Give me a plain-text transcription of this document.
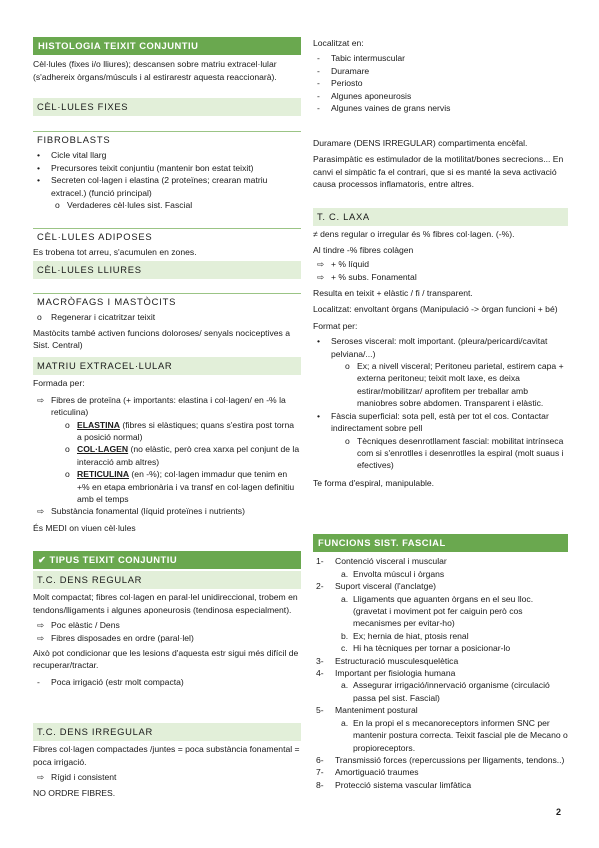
HISTOLOGIA TEIXIT CONJUNTIU

Cèl·lules (fixes i/o lliures); descansen sobre matriu extracel·lular (s'adhereix òrgans/músculs i al estirarestr aquesta reaccionarà).

CÈL·LULES FIXES
FIBROBLASTS
• Cicle vital llarg
• Precursores teixit conjuntiu (mantenir bon estat teixit)
• Secreten col·lagen i elastina (2 proteïnes; crearan matriu extracel.) (funció principal)
o Verdaderes cèl·lules sist. Fascial
CÈL·LULES ADIPOSES

Es trobena tot arreu, s'acumulen en zones.

CÈL·LULES LLIURES
MACRÒFAGS I MASTÒCITS
o Regenerar i cicatritzar teixit

Mastòcits també activen funcions doloroses/ senyals nociceptives a Sist. Central)

MATRIU EXTRACEL·LULAR

Formada per:

⇨ Fibres de proteïna (+ importants: elastina i col·lagen/ en -% la reticulina)
o ELASTINA (fibres si elàstiques; quans s'estira post torna a posició normal)
o COL·LAGEN (no elàstic, però crea xarxa pel conjunt de la interacció amb altres)
o RETICULINA (en -%); col·lagen immadur que tenim en +% en etapa embrionària i va transf en col·lagen definitiu amb el temps
⇨ Substància fonamental (líquid proteïnes i nutrients)

És MEDI on viuen cèl·lules

✔ TIPUS TEIXIT CONJUNTIU
T.C. DENS REGULAR

Molt compactat; fibres col·lagen en paral·lel unidireccional, trobem en tendons/lligaments i algunes aponeurosis (tendinosa especialment).

⇨ Poc elàstic / Dens
⇨ Fibres disposades en ordre (paral·lel)

Això pot condicionar que les lesions d'aquesta estr sigui més difícil de recuperar/tractar.

- Poca irrigació (estr molt compacta)
T.C. DENS IRREGULAR

Fibres col·lagen compactades /juntes = poca substància fonamental = poca irrigació.

⇨ Rígid i consistent

NO ORDRE FIBRES.

Localitzat en:

- Tabic intermuscular
- Duramare
- Periosto
- Algunes aponeurosis
- Algunes vaines de grans nervis

Duramare (DENS IRREGULAR) compartimenta encèfal.

Parasimpàtic es estimulador de la motilitat/bones secrecions... En canvi el simpàtic fa el contrari, que si es manté la seva activació causa processos inflamatoris, entre altres.

T. C. LAXA

≠ dens regular o irregular és % fibres col·lagen. (-%).

Al tindre -% fibres colàgen

⇨ + % líquid
⇨ + % subs. Fonamental

Resulta en teixit + elàstic / fi / transparent.

Localitzat: envoltant òrgans (Manipulació -> òrgan funcioni + bé)

Format per:

• Seroses visceral: molt important. (pleura/pericardi/cavitat pelviana/...)
o Ex; a nivell visceral; Peritoneu parietal, estirem capa + externa peritoneu; teixit molt laxe, es deixa estirar/mobilitzar/ aprofitem per treballar amb maniobres sobre abdomen. Transparent i elàstic.
• Fàscia superficial: sota pell, està per tot el cos. Contactar indirectament sobre pell
o Tècniques desenrotllament fascial: mobilitat intrínseca com si s'enrotlles i desenrotlles la espiral (molt suaus i efectives)

Te forma d'espiral, manipulable.

FUNCIONS SIST. FASCIAL
1- Contenció visceral i muscular
a. Envolta múscul i òrgans
2- Suport visceral (l'anclatge)
a. Lligaments que aguanten òrgans en el seu lloc. (gravetat i moviment pot fer caiguin però cos mecanismes per evitar-ho)
b. Ex; hernia de hiat, ptosis renal
c. Hi ha tècniques per tornar a posicionar-lo
3- Estructuració musculesquelètica
4- Important per fisiologia humana
a. Assegurar irrigació/innervació organisme (circulació passa pel sist. Fascial)
5- Manteniment postural
a. En la propi el s mecanoreceptors informen SNC per mantenir postura correcta. Teixit fascial ple de Mecano o propioreceptors.
6- Transmissió forces (repercussions per lligaments, tendons..)
7- Amortiguació traumes
8- Protecció sistema vascular limfàtica
2
